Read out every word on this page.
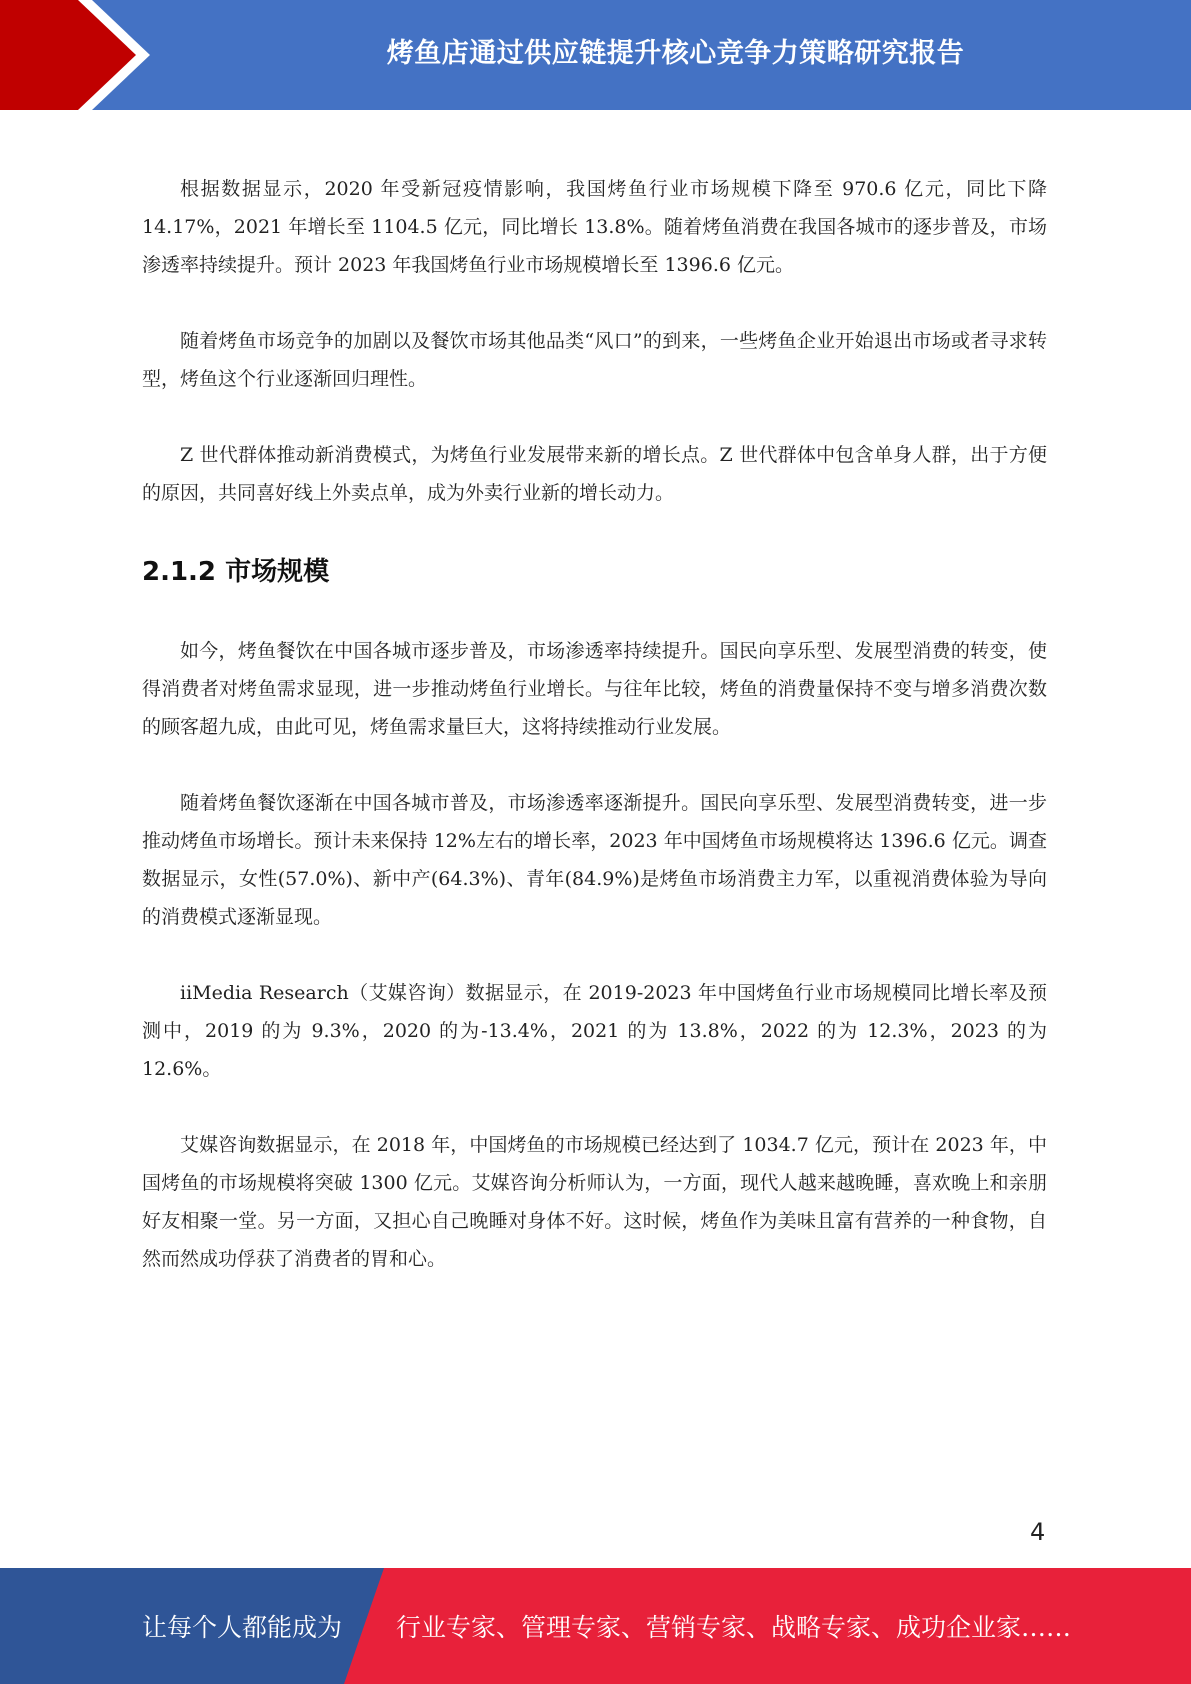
烤鱼店通过供应链提升核心竞争力策略研究报告

根据数据显示，2020 年受新冠疫情影响，我国烤鱼行业市场规模下降至 970.6 亿元，同比下降 14.17%，2021 年增长至 1104.5 亿元，同比增长 13.8%。随着烤鱼消费在我国各城市的逐步普及，市场渗透率持续提升。预计 2023 年我国烤鱼行业市场规模增长至 1396.6 亿元。

随着烤鱼市场竞争的加剧以及餐饮市场其他品类“风口”的到来，一些烤鱼企业开始退出市场或者寻求转型，烤鱼这个行业逐渐回归理性。

Z 世代群体推动新消费模式，为烤鱼行业发展带来新的增长点。Z 世代群体中包含单身人群，出于方便的原因，共同喜好线上外卖点单，成为外卖行业新的增长动力。

2.1.2 市场规模

如今，烤鱼餐饮在中国各城市逐步普及，市场渗透率持续提升。国民向享乐型、发展型消费的转变，使得消费者对烤鱼需求显现，进一步推动烤鱼行业增长。与往年比较，烤鱼的消费量保持不变与增多消费次数的顾客超九成，由此可见，烤鱼需求量巨大，这将持续推动行业发展。

随着烤鱼餐饮逐渐在中国各城市普及，市场渗透率逐渐提升。国民向享乐型、发展型消费转变，进一步推动烤鱼市场增长。预计未来保持 12%左右的增长率，2023 年中国烤鱼市场规模将达 1396.6 亿元。调查数据显示，女性(57.0%)、新中产(64.3%)、青年(84.9%)是烤鱼市场消费主力军，以重视消费体验为导向的消费模式逐渐显现。

iiMedia Research（艾媒咨询）数据显示，在 2019-2023 年中国烤鱼行业市场规模同比增长率及预测中，2019 的为 9.3%，2020 的为-13.4%，2021 的为 13.8%，2022 的为 12.3%，2023 的为 12.6%。

艾媒咨询数据显示，在 2018 年，中国烤鱼的市场规模已经达到了 1034.7 亿元，预计在 2023 年，中国烤鱼的市场规模将突破 1300 亿元。艾媒咨询分析师认为，一方面，现代人越来越晚睡，喜欢晚上和亲朋好友相聚一堂。另一方面，又担心自己晚睡对身体不好。这时候，烤鱼作为美味且富有营养的一种食物，自然而然成功俘获了消费者的胃和心。

4
让每个人都能成为 行业专家、管理专家、营销专家、战略专家、成功企业家……
